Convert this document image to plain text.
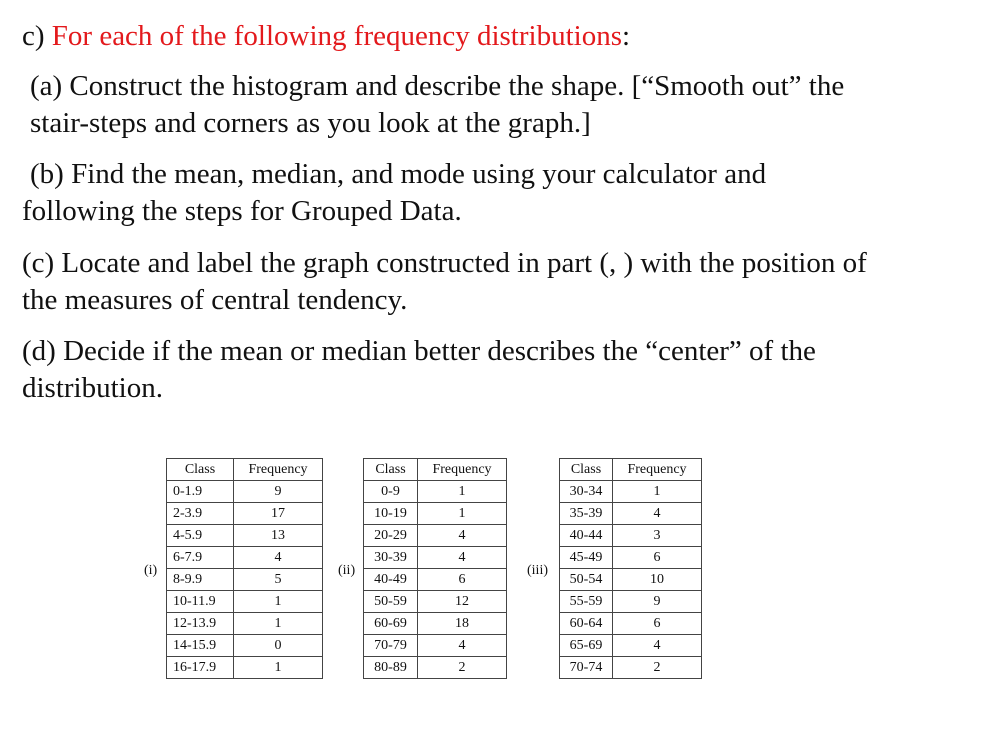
c) For each of the following frequency distributions:
(a) Construct the histogram and describe the shape. [“Smooth out” the
stair-steps and corners as you look at the graph.]
(b) Find the mean, median, and mode using your calculator and
following the steps for Grouped Data.
(c) Locate and label the graph constructed in part (, ) with the position of
the measures of central tendency.
(d) Decide if the mean or median better describes the “center” of the
distribution.
(i)
Class	Frequency
0-1.9	9
2-3.9	17
4-5.9	13
6-7.9	4
8-9.9	5
10-11.9	1
12-13.9	1
14-15.9	0
16-17.9	1
(ii)
Class	Frequency
0-9	1
10-19	1
20-29	4
30-39	4
40-49	6
50-59	12
60-69	18
70-79	4
80-89	2
(iii)
Class	Frequency
30-34	1
35-39	4
40-44	3
45-49	6
50-54	10
55-59	9
60-64	6
65-69	4
70-74	2
